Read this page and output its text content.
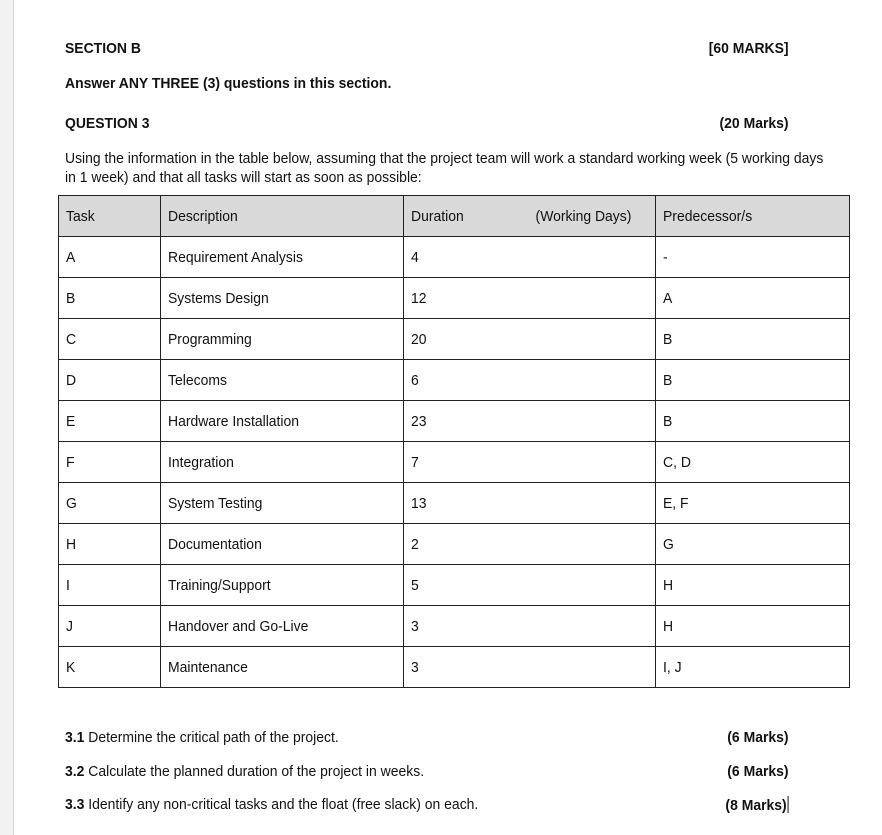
SECTION B	[60 MARKS]
Answer ANY THREE (3) questions in this section.
QUESTION 3	(20 Marks)
Using the information in the table below, assuming that the project team will work a standard working week (5 working days in 1 week) and that all tasks will start as soon as possible:
Task	Description	Duration (Working Days)	Predecessor/s
A	Requirement Analysis	4	-
B	Systems Design	12	A
C	Programming	20	B
D	Telecoms	6	B
E	Hardware Installation	23	B
F	Integration	7	C, D
G	System Testing	13	E, F
H	Documentation	2	G
I	Training/Support	5	H
J	Handover and Go-Live	3	H
K	Maintenance	3	I, J
3.1 Determine the critical path of the project.	(6 Marks)
3.2 Calculate the planned duration of the project in weeks.	(6 Marks)
3.3 Identify any non-critical tasks and the float (free slack) on each.	(8 Marks)
